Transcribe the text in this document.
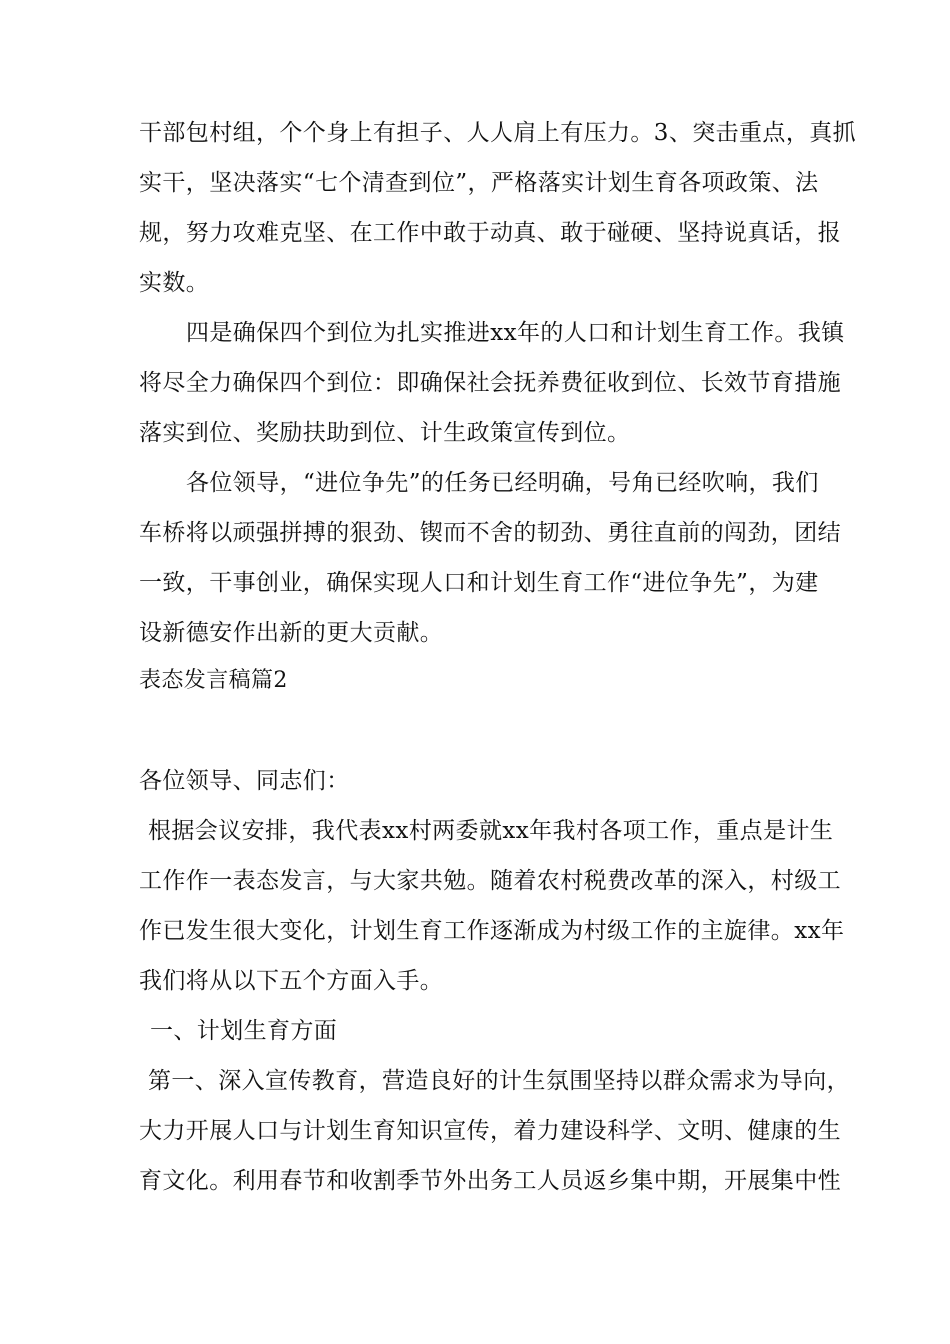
干部包村组，个个身上有担子、人人肩上有压力。3、突击重点，真抓
实干，坚决落实“七个清查到位”，严格落实计划生育各项政策、法
规，努力攻难克坚、在工作中敢于动真、敢于碰硬、坚持说真话，报
实数。
四是确保四个到位为扎实推进xx年的人口和计划生育工作。我镇
将尽全力确保四个到位：即确保社会抚养费征收到位、长效节育措施
落实到位、奖励扶助到位、计生政策宣传到位。
各位领导，“进位争先”的任务已经明确，号角已经吹响，我们
车桥将以顽强拼搏的狠劲、锲而不舍的韧劲、勇往直前的闯劲，团结
一致，干事创业，确保实现人口和计划生育工作“进位争先”，为建
设新德安作出新的更大贡献。
表态发言稿篇2
各位领导、同志们：
根据会议安排，我代表xx村两委就xx年我村各项工作，重点是计生
工作作一表态发言，与大家共勉。随着农村税费改革的深入，村级工
作已发生很大变化，计划生育工作逐渐成为村级工作的主旋律。xx年
我们将从以下五个方面入手。
一、计划生育方面
第一、深入宣传教育，营造良好的计生氛围坚持以群众需求为导向，
大力开展人口与计划生育知识宣传，着力建设科学、文明、健康的生
育文化。利用春节和收割季节外出务工人员返乡集中期，开展集中性
